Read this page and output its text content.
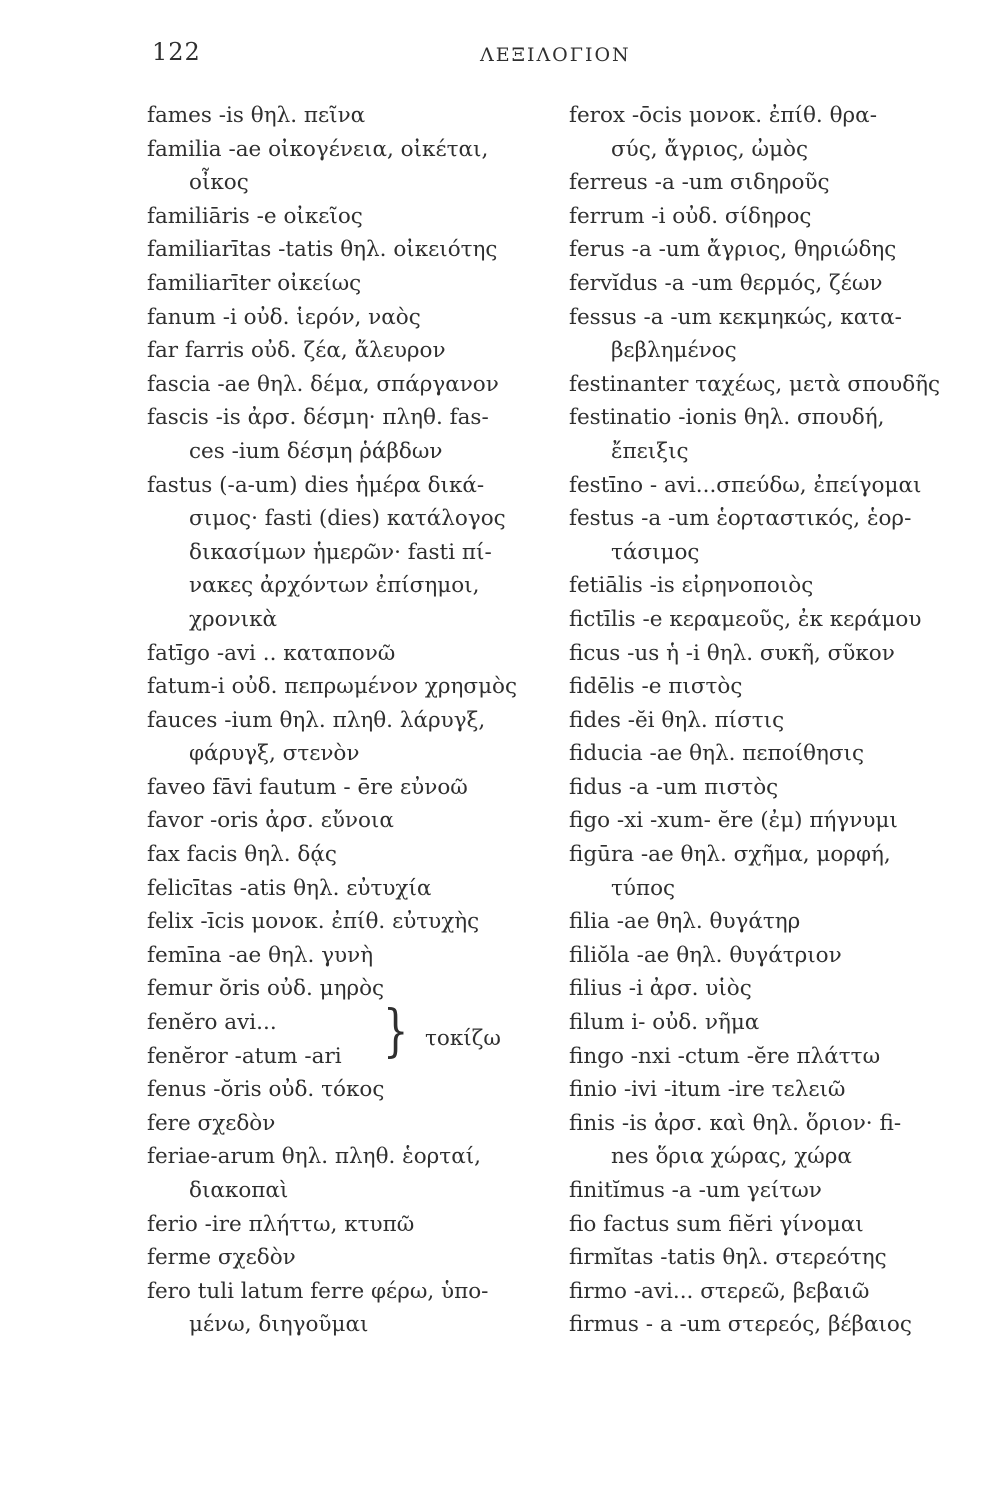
122	ΛΕΞΙΛΟΓΙΟΝ
fames -is θηλ. πεῖνα
familia -ae οἰκογένεια, οἰκέται,
οἶκος
familiāris -e οἰκεῖος
familiarītas -tatis θηλ. οἰκειότης
familiarīter οἰκείως
fanum -i οὐδ. ἱερόν, ναὸς
far farris οὐδ. ζέα, ἄλευρον
fascia -ae θηλ. δέμα, σπάργανον
fascis -is ἀρσ. δέσμη· πληθ. fas-
ces -ium δέσμη ῥάβδων
fastus (-a-um) dies ἡμέρα δικά-
σιμος· fasti (dies) κατάλογος
δικασίμων ἡμερῶν· fasti πί-
νακες ἀρχόντων ἐπίσημοι,
χρονικὰ
fatīgo -avi .. καταπονῶ
fatum-i οὐδ. πεπρωμένον χρησμὸς
fauces -ium θηλ. πληθ. λάρυγξ,
φάρυγξ, στενὸν
faveo fāvi fautum - ēre εὐνοῶ
favor -oris ἀρσ. εὔνοια
fax facis θηλ. δᾴς
felicītas -atis θηλ. εὐτυχία
felix -īcis μονοκ. ἐπίθ. εὐτυχὴς
femīna -ae θηλ. γυνὴ
femur ŏris οὐδ. μηρὸς
fenĕro avi...
fenĕror -atum -ari	} τοκίζω
fenus -ŏris οὐδ. τόκος
fere σχεδὸν
feriae-arum θηλ. πληθ. ἑορταί,
διακοπαὶ
ferio -ire πλήττω, κτυπῶ
ferme σχεδὸν
fero tuli latum ferre φέρω, ὑπο-
μένω, διηγοῦμαι
ferox -ōcis μονοκ. ἐπίθ. θρα-
σύς, ἄγριος, ὠμὸς
ferreus -a -um σιδηροῦς
ferrum -i οὐδ. σίδηρος
ferus -a -um ἄγριος, θηριώδης
fervĭdus -a -um θερμός, ζέων
fessus -a -um κεκμηκώς, κατα-
βεβλημένος
festinanter ταχέως, μετὰ σπουδῆς
festinatio -ionis θηλ. σπουδή,
ἔπειξις
festīno - avi...σπεύδω, ἐπείγομαι
festus -a -um ἑορταστικός, ἑορ-
τάσιμος
fetiālis -is εἰρηνοποιὸς
fictīlis -e κεραμεοῦς, ἐκ κεράμου
ficus -us ἡ -i θηλ. συκῆ, σῦκον
fidēlis -e πιστὸς
fides -ĕi θηλ. πίστις
fiducia -ae θηλ. πεποίθησις
fidus -a -um πιστὸς
figo -xi -xum- ĕre (ἐμ) πήγνυμι
figūra -ae θηλ. σχῆμα, μορφή,
τύπος
filia -ae θηλ. θυγάτηρ
filiŏla -ae θηλ. θυγάτριον
filius -i ἀρσ. υἱὸς
filum i- οὐδ. νῆμα
fingo -nxi -ctum -ĕre πλάττω
finio -ivi -itum -ire τελειῶ
finis -is ἀρσ. καὶ θηλ. ὅριον· fi-
nes ὅρια χώρας, χώρα
finitĭmus -a -um γείτων
fio factus sum fiĕri γίνομαι
firmĭtas -tatis θηλ. στερεότης
firmo -avi... στερεῶ, βεβαιῶ
firmus - a -um στερεός, βέβαιος
